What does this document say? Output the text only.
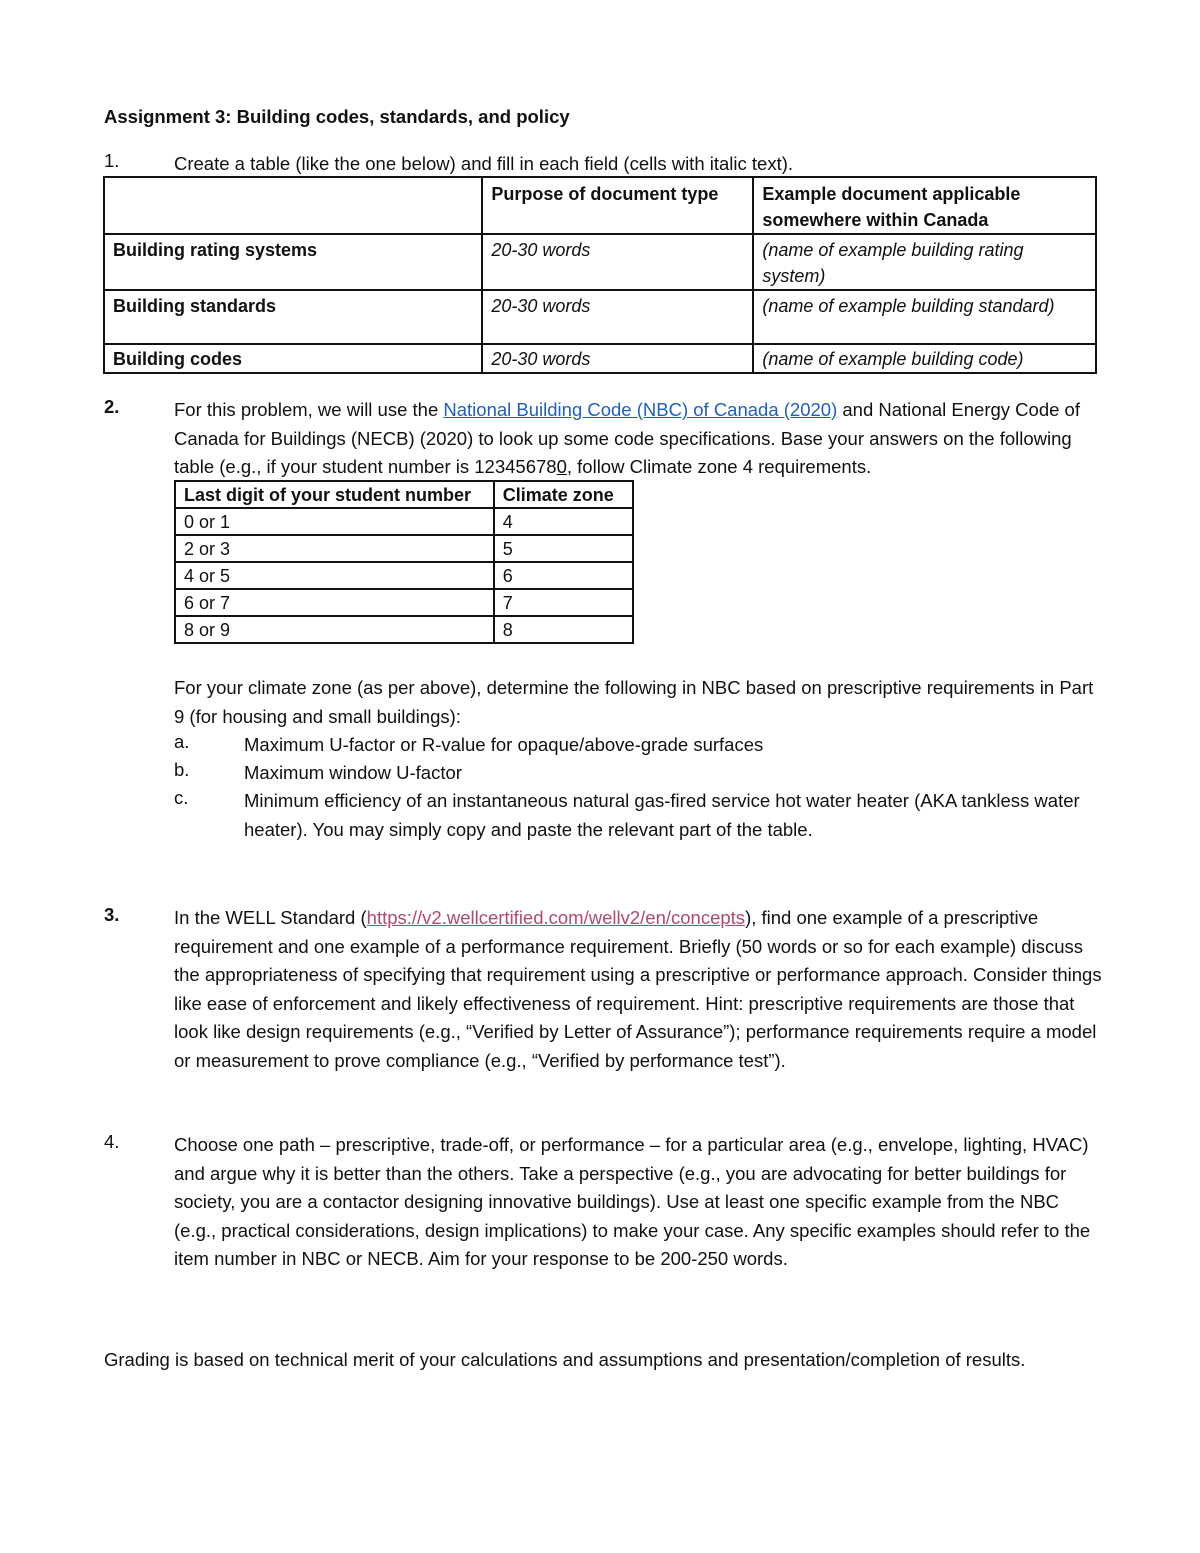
Assignment 3: Building codes, standards, and policy
1.	Create a table (like the one below) and fill in each field (cells with italic text).
	Purpose of document type	Example document applicable somewhere within Canada
Building rating systems	20-30 words	(name of example building rating system)
Building standards	20-30 words	(name of example building standard)
Building codes	20-30 words	(name of example building code)
2.	For this problem, we will use the National Building Code (NBC) of Canada (2020) and National Energy Code of Canada for Buildings (NECB) (2020) to look up some code specifications. Base your answers on the following table (e.g., if your student number is 123456780, follow Climate zone 4 requirements.
Last digit of your student number	Climate zone
0 or 1	4
2 or 3	5
4 or 5	6
6 or 7	7
8 or 9	8
For your climate zone (as per above), determine the following in NBC based on prescriptive requirements in Part 9 (for housing and small buildings):
a.	Maximum U-factor or R-value for opaque/above-grade surfaces
b.	Maximum window U-factor
c.	Minimum efficiency of an instantaneous natural gas-fired service hot water heater (AKA tankless water heater). You may simply copy and paste the relevant part of the table.
3.	In the WELL Standard (https://v2.wellcertified.com/wellv2/en/concepts), find one example of a prescriptive requirement and one example of a performance requirement. Briefly (50 words or so for each example) discuss the appropriateness of specifying that requirement using a prescriptive or performance approach. Consider things like ease of enforcement and likely effectiveness of requirement. Hint: prescriptive requirements are those that look like design requirements (e.g., “Verified by Letter of Assurance”); performance requirements require a model or measurement to prove compliance (e.g., “Verified by performance test”).
4.	Choose one path – prescriptive, trade-off, or performance – for a particular area (e.g., envelope, lighting, HVAC) and argue why it is better than the others. Take a perspective (e.g., you are advocating for better buildings for society, you are a contactor designing innovative buildings). Use at least one specific example from the NBC (e.g., practical considerations, design implications) to make your case. Any specific examples should refer to the item number in NBC or NECB. Aim for your response to be 200-250 words.
Grading is based on technical merit of your calculations and assumptions and presentation/completion of results.
